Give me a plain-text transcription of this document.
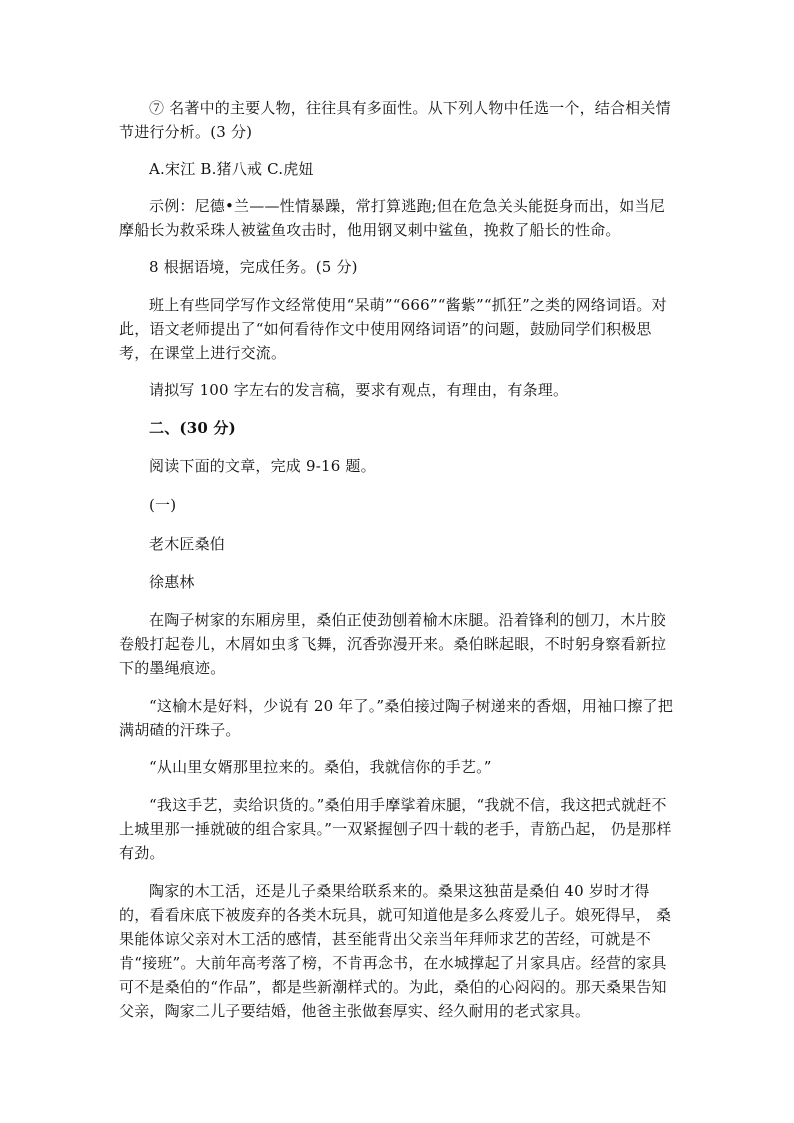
⑦ 名著中的主要人物，往往具有多面性。从下列人物中任选一个，结合相关情节进行分析。(3 分)

A.宋江 B.猪八戒 C.虎妞

示例：尼德•兰——性情暴躁，常打算逃跑;但在危急关头能挺身而出，如当尼摩船长为救采珠人被鲨鱼攻击时，他用钢叉刺中鲨鱼，挽救了船长的性命。

8 根据语境，完成任务。(5 分)

班上有些同学写作文经常使用“呆萌”“666”“酱紫”“抓狂”之类的网络词语。对此，语文老师提出了“如何看待作文中使用网络词语”的问题，鼓励同学们积极思考，在课堂上进行交流。

请拟写 100 字左右的发言稿，要求有观点，有理由，有条理。

二、(30 分)

阅读下面的文章，完成 9-16 题。

(一)

老木匠桑伯

徐惠林

在陶子树家的东厢房里，桑伯正使劲刨着榆木床腿。沿着锋利的刨刀，木片胶卷般打起卷儿，木屑如虫豸飞舞，沉香弥漫开来。桑伯眯起眼，不时躬身察看新拉下的墨绳痕迹。

“这榆木是好料，少说有 20 年了。”桑伯接过陶子树递来的香烟，用袖口擦了把满胡碴的汗珠子。

“从山里女婿那里拉来的。桑伯，我就信你的手艺。”

“我这手艺，卖给识货的。”桑伯用手摩挲着床腿，“我就不信，我这把式就赶不上城里那一捶就破的组合家具。”一双紧握刨子四十载的老手，青筋凸起， 仍是那样有劲。

陶家的木工活，还是儿子桑果给联系来的。桑果这独苗是桑伯 40 岁时才得的，看看床底下被废弃的各类木玩具，就可知道他是多么疼爱儿子。娘死得早， 桑果能体谅父亲对木工活的感情，甚至能背出父亲当年拜师求艺的苦经，可就是不肯“接班”。大前年高考落了榜，不肯再念书，在水城撑起了爿家具店。经营的家具可不是桑伯的“作品”，都是些新潮样式的。为此，桑伯的心闷闷的。那天桑果告知父亲，陶家二儿子要结婚，他爸主张做套厚实、经久耐用的老式家具。
